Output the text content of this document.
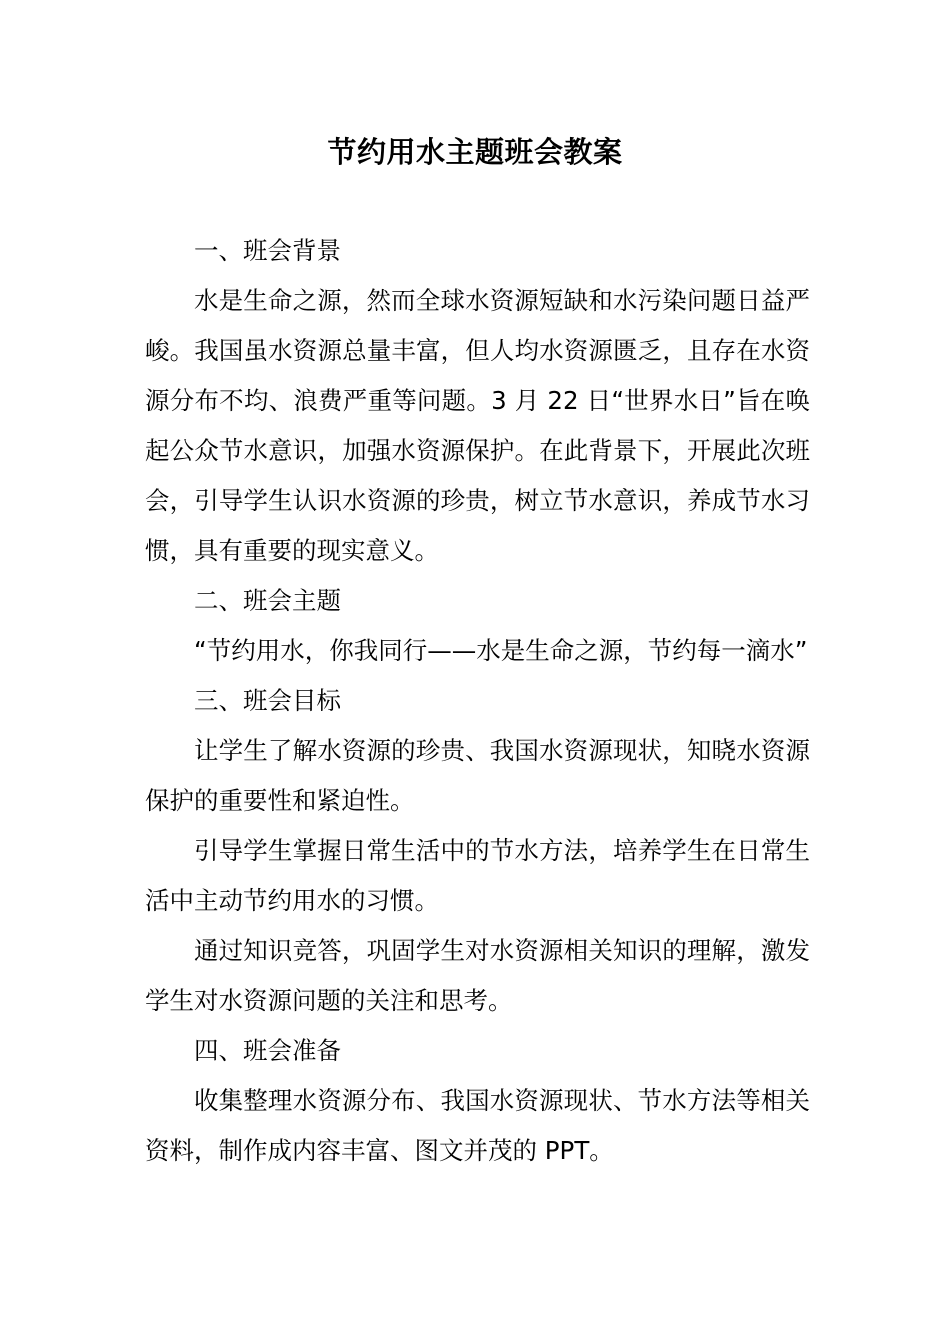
节约用水主题班会教案

一、班会背景

水是生命之源，然而全球水资源短缺和水污染问题日益严峻。我国虽水资源总量丰富，但人均水资源匮乏，且存在水资源分布不均、浪费严重等问题。3 月 22 日“世界水日”旨在唤起公众节水意识，加强水资源保护。在此背景下，开展此次班会，引导学生认识水资源的珍贵，树立节水意识，养成节水习惯，具有重要的现实意义。

二、班会主题

“节约用水，你我同行——水是生命之源，节约每一滴水”

三、班会目标

让学生了解水资源的珍贵、我国水资源现状，知晓水资源保护的重要性和紧迫性。

引导学生掌握日常生活中的节水方法，培养学生在日常生活中主动节约用水的习惯。

通过知识竞答，巩固学生对水资源相关知识的理解，激发学生对水资源问题的关注和思考。

四、班会准备

收集整理水资源分布、我国水资源现状、节水方法等相关资料，制作成内容丰富、图文并茂的 PPT。
